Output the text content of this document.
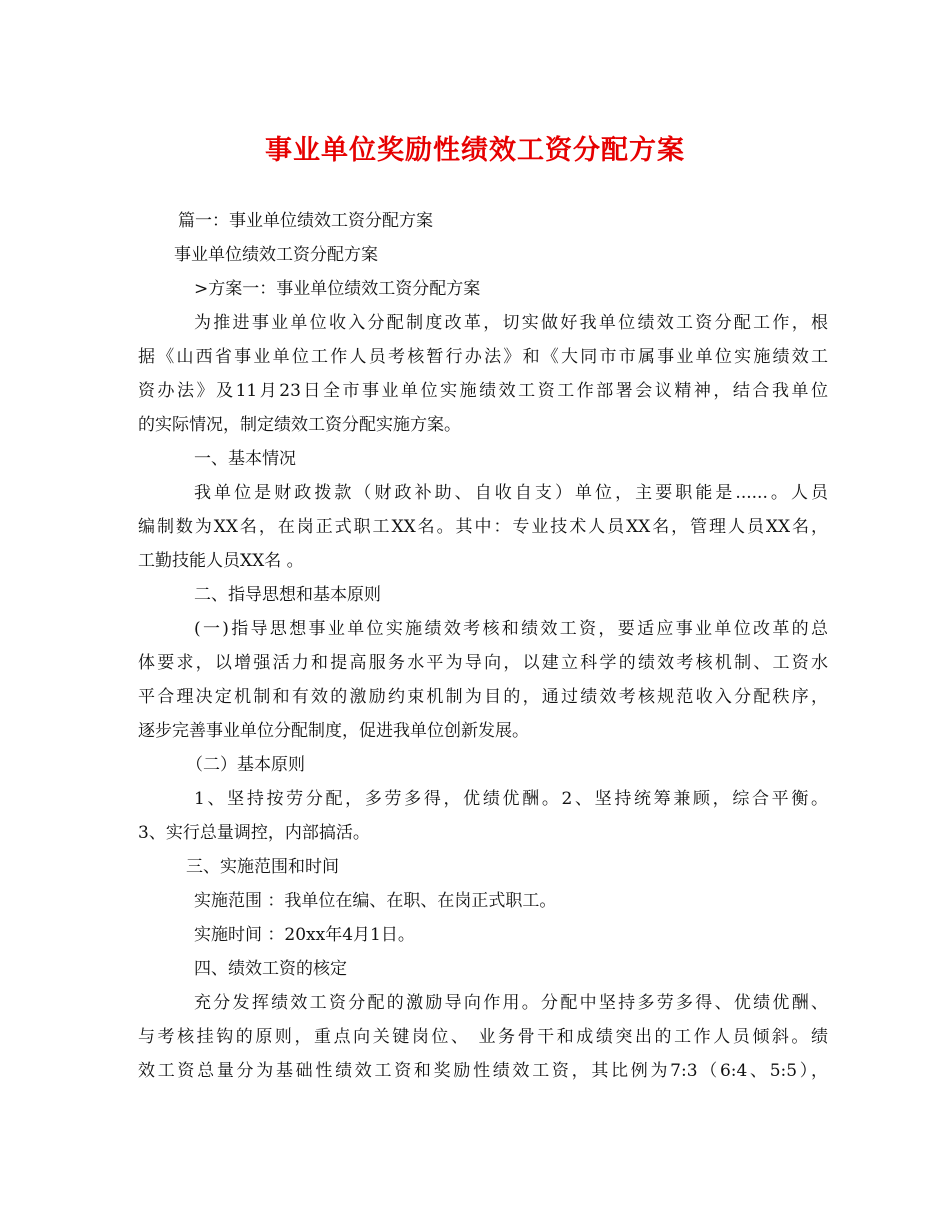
事业单位奖励性绩效工资分配方案
篇一：事业单位绩效工资分配方案
事业单位绩效工资分配方案
>方案一：事业单位绩效工资分配方案
为推进事业单位收入分配制度改革，切实做好我单位绩效工资分配工作，根
据《山西省事业单位工作人员考核暂行办法》和《大同市市属事业单位实施绩效工
资办法》及11月23日全市事业单位实施绩效工资工作部署会议精神，结合我单位
的实际情况，制定绩效工资分配实施方案。
一、基本情况
我单位是财政拨款（财政补助、自收自支）单位，主要职能是......。人员
编制数为XX名，在岗正式职工XX名。其中：专业技术人员XX名，管理人员XX名，
工勤技能人员XX名 。
二、指导思想和基本原则
(一)指导思想事业单位实施绩效考核和绩效工资，要适应事业单位改革的总
体要求，以增强活力和提高服务水平为导向，以建立科学的绩效考核机制、工资水
平合理决定机制和有效的激励约束机制为目的，通过绩效考核规范收入分配秩序，
逐步完善事业单位分配制度，促进我单位创新发展。
（二）基本原则
1、坚持按劳分配，多劳多得，优绩优酬。2、坚持统筹兼顾，综合平衡。
3、实行总量调控，内部搞活。
三、实施范围和时间
实施范围 ：我单位在编、在职、在岗正式职工。
实施时间 ：20xx年4月1日。
四、绩效工资的核定
充分发挥绩效工资分配的激励导向作用。分配中坚持多劳多得、优绩优酬、
与考核挂钩的原则，重点向关键岗位、 业务骨干和成绩突出的工作人员倾斜。绩
效工资总量分为基础性绩效工资和奖励性绩效工资，其比例为7:3（6:4、5:5），
